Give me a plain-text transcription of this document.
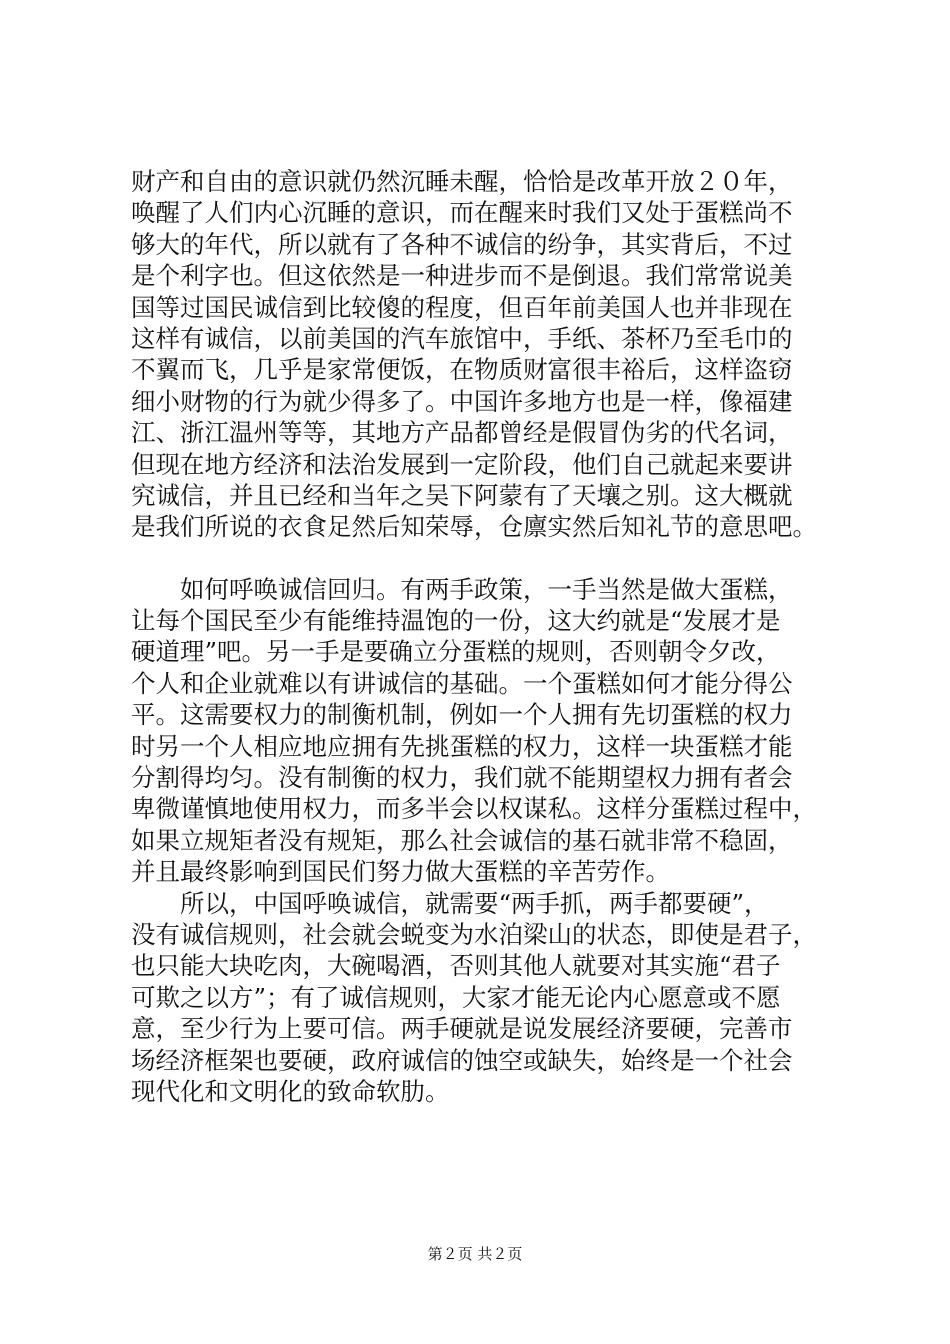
财产和自由的意识就仍然沉睡未醒，恰恰是改革开放２０年，
唤醒了人们内心沉睡的意识，而在醒来时我们又处于蛋糕尚不
够大的年代，所以就有了各种不诚信的纷争，其实背后，不过
是个利字也。但这依然是一种进步而不是倒退。我们常常说美
国等过国民诚信到比较傻的程度，但百年前美国人也并非现在
这样有诚信，以前美国的汽车旅馆中，手纸、茶杯乃至毛巾的
不翼而飞，几乎是家常便饭，在物质财富很丰裕后，这样盗窃
细小财物的行为就少得多了。中国许多地方也是一样，像福建
江、浙江温州等等，其地方产品都曾经是假冒伪劣的代名词，
但现在地方经济和法治发展到一定阶段，他们自己就起来要讲
究诚信，并且已经和当年之吴下阿蒙有了天壤之别。这大概就
是我们所说的衣食足然后知荣辱，仓廪实然后知礼节的意思吧。
　　如何呼唤诚信回归。有两手政策，一手当然是做大蛋糕，
让每个国民至少有能维持温饱的一份，这大约就是“发展才是
硬道理”吧。另一手是要确立分蛋糕的规则，否则朝令夕改，
个人和企业就难以有讲诚信的基础。一个蛋糕如何才能分得公
平。这需要权力的制衡机制，例如一个人拥有先切蛋糕的权力
时另一个人相应地应拥有先挑蛋糕的权力，这样一块蛋糕才能
分割得均匀。没有制衡的权力，我们就不能期望权力拥有者会
卑微谨慎地使用权力，而多半会以权谋私。这样分蛋糕过程中，
如果立规矩者没有规矩，那么社会诚信的基石就非常不稳固，
并且最终影响到国民们努力做大蛋糕的辛苦劳作。
　　所以，中国呼唤诚信，就需要“两手抓，两手都要硬”，
没有诚信规则，社会就会蜕变为水泊梁山的状态，即使是君子，
也只能大块吃肉，大碗喝酒，否则其他人就要对其实施“君子
可欺之以方”；有了诚信规则，大家才能无论内心愿意或不愿
意，至少行为上要可信。两手硬就是说发展经济要硬，完善市
场经济框架也要硬，政府诚信的蚀空或缺失，始终是一个社会
现代化和文明化的致命软肋。
第２页 共２页
